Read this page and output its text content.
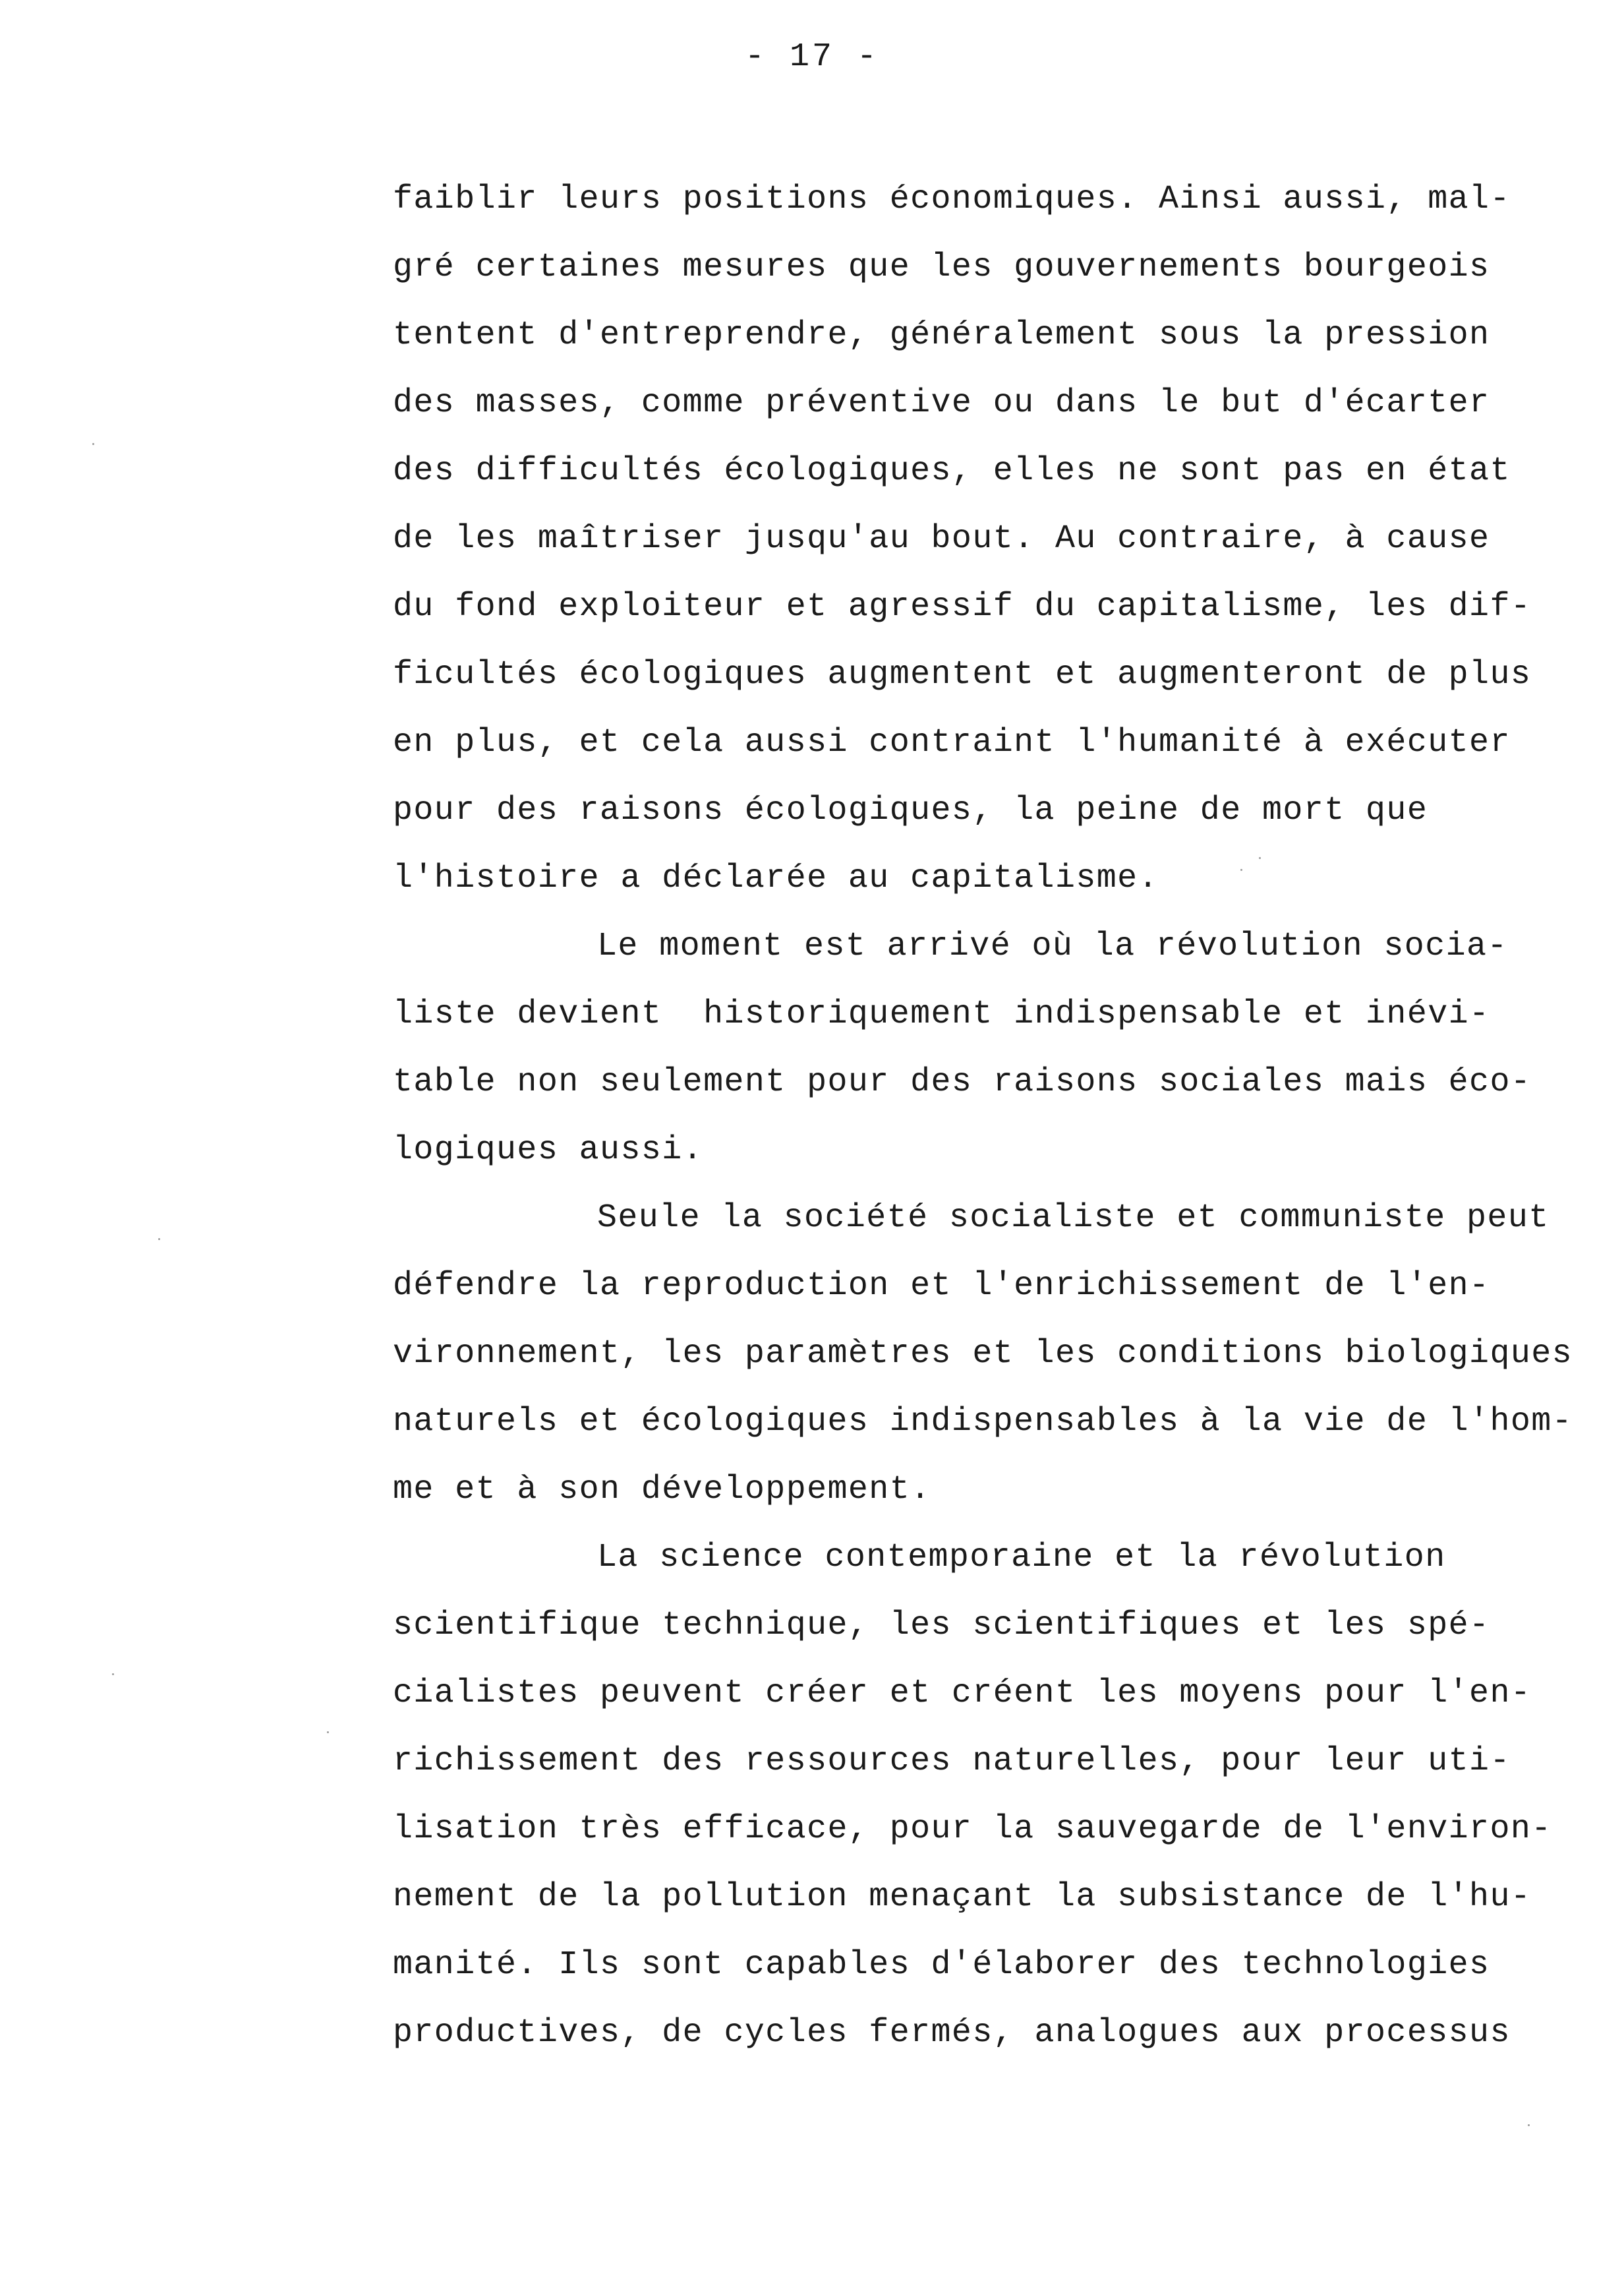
- 17 -
faiblir leurs positions économiques. Ainsi aussi, mal-
gré certaines mesures que les gouvernements bourgeois
tentent d'entreprendre, généralement sous la pression
des masses, comme préventive ou dans le but d'écarter
des difficultés écologiques, elles ne sont pas en état
de les maîtriser jusqu'au bout. Au contraire, à cause
du fond exploiteur et agressif du capitalisme, les dif-
ficultés écologiques augmentent et augmenteront de plus
en plus, et cela aussi contraint l'humanité à exécuter
pour des raisons écologiques, la peine de mort que
l'histoire a déclarée au capitalisme.
Le moment est arrivé où la révolution socia-
liste devient  historiquement indispensable et inévi-
table non seulement pour des raisons sociales mais éco-
logiques aussi.
Seule la société socialiste et communiste peut
défendre la reproduction et l'enrichissement de l'en-
vironnement, les paramètres et les conditions biologiques
naturels et écologiques indispensables à la vie de l'hom-
me et à son développement.
La science contemporaine et la révolution
scientifique technique, les scientifiques et les spé-
cialistes peuvent créer et créent les moyens pour l'en-
richissement des ressources naturelles, pour leur uti-
lisation très efficace, pour la sauvegarde de l'environ-
nement de la pollution menaçant la subsistance de l'hu-
manité. Ils sont capables d'élaborer des technologies
productives, de cycles fermés, analogues aux processus
